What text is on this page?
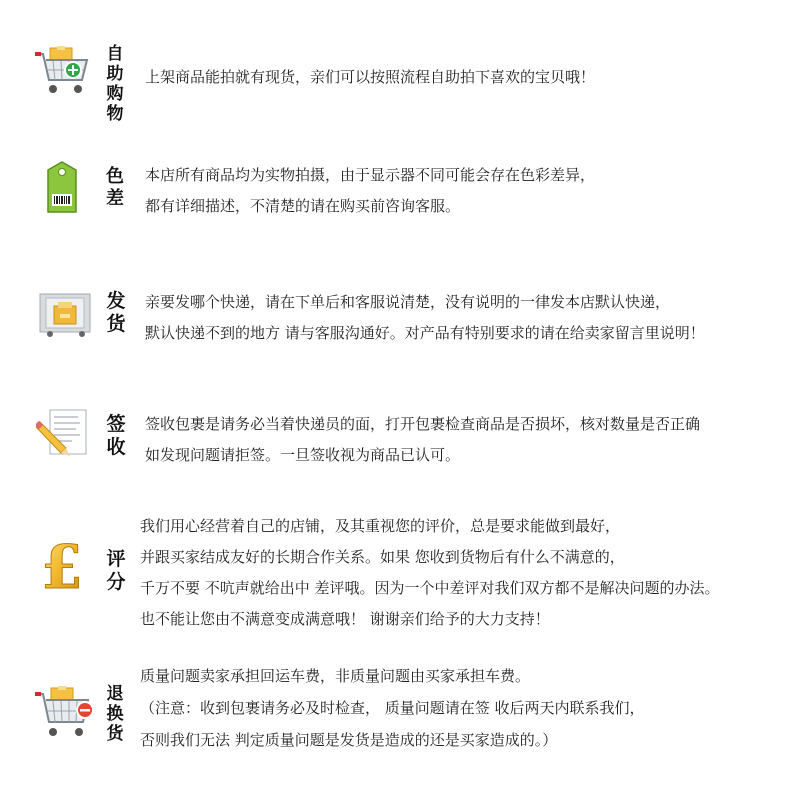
自助购物
上架商品能拍就有现货，亲们可以按照流程自助拍下喜欢的宝贝哦！
色差
本店所有商品均为实物拍摄，由于显示器不同可能会存在色彩差异，
都有详细描述，不清楚的请在购买前咨询客服。
发货
亲要发哪个快递，请在下单后和客服说清楚，没有说明的一律发本店默认快递，
默认快递不到的地方 请与客服沟通好。对产品有特别要求的请在给卖家留言里说明！
签收
签收包裹是请务必当着快递员的面，打开包裹检查商品是否损坏，核对数量是否正确
如发现问题请拒签。一旦签收视为商品已认可。
£ 评分
我们用心经营着自己的店铺，及其重视您的评价，总是要求能做到最好，
并跟买家结成友好的长期合作关系。如果 您收到货物后有什么不满意的，
千万不要 不吭声就给出中 差评哦。因为一个中差评对我们双方都不是解决问题的办法。
也不能让您由不满意变成满意哦！ 谢谢亲们给予的大力支持！
退换货
质量问题卖家承担回运车费，非质量问题由买家承担车费。
（注意：收到包裹请务必及时检查， 质量问题请在签 收后两天内联系我们，
否则我们无法 判定质量问题是发货是造成的还是买家造成的。）
